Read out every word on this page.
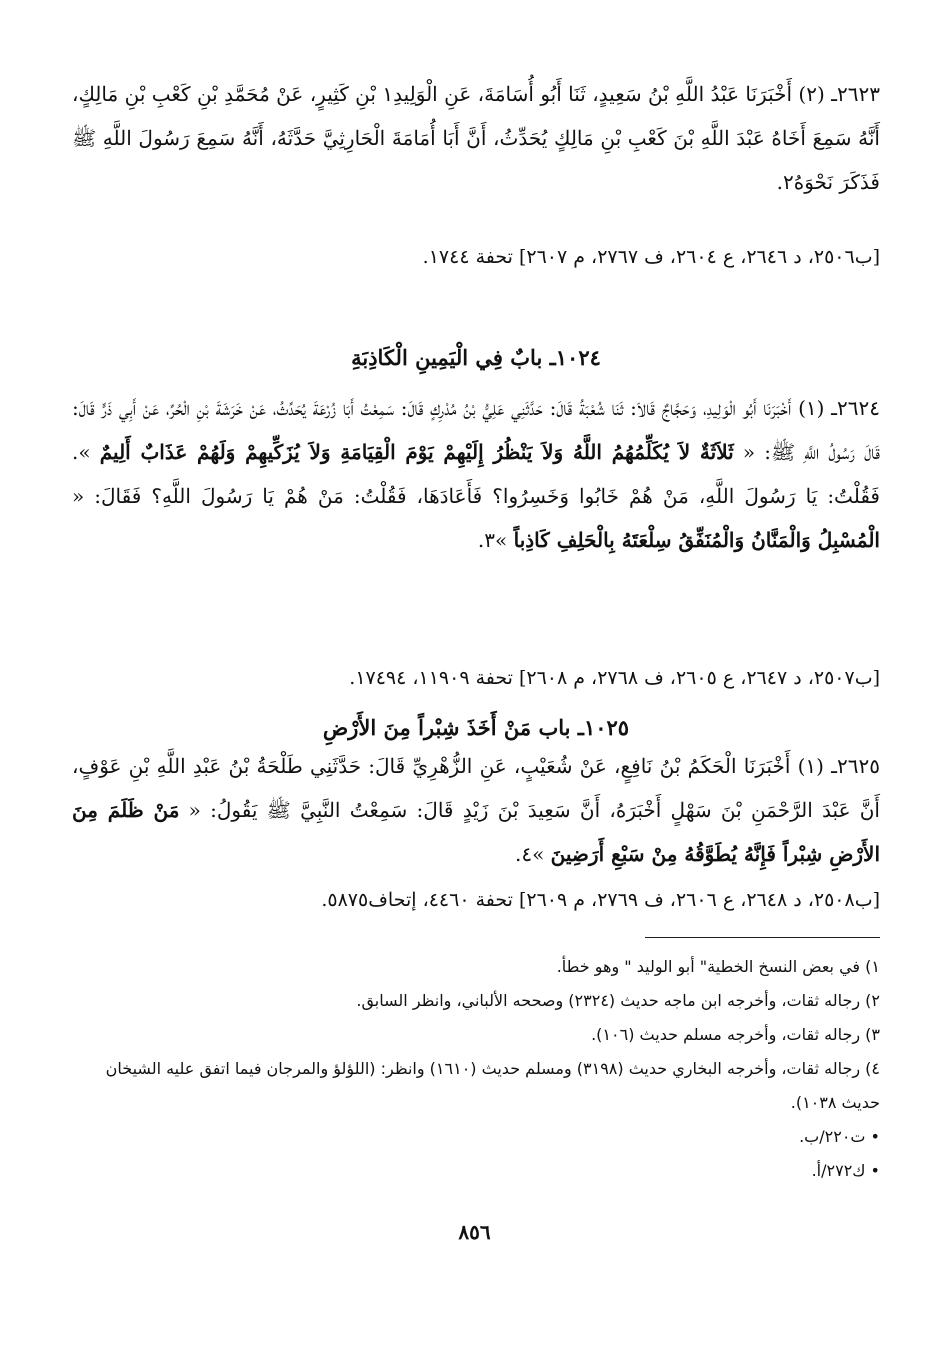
٢٦٢٣ـ (٢) أَخْبَرَنَا عَبْدُ اللَّهِ بْنُ سَعِيدٍ، ثَنَا أَبُو أُسَامَةَ، عَنِ الْوَلِيدِ١ بْنِ كَثِيرٍ، عَنْ مُحَمَّدِ بْنِ كَعْبِ بْنِ مَالِكٍ، أَنَّهُ سَمِعَ أَخَاهُ عَبْدَ اللَّهِ بْنَ كَعْبِ بْنِ مَالِكٍ يُحَدِّثُ، أَنَّ أَبَا أُمَامَةَ الْحَارِثِيَّ حَدَّثَهُ، أَنَّهُ سَمِعَ رَسُولَ اللَّهِ ﷺ فَذَكَرَ نَحْوَهُ٢.

[ب٢٥٠٦، د ٢٦٤٦، ع ٢٦٠٤، ف ٢٧٦٧، م ٢٦٠٧] تحفة ١٧٤٤.
١٠٢٤ـ بابٌ فِي الْيَمِينِ الْكَاذِبَةِ

٢٦٢٤ـ (١) أَخْبَرَنَا أَبُو الْوَلِيدِ، وَحَجَّاجٌ قَالاَ: ثَنَا شُعْبَةُ قَالَ: حَدَّثَنِي عَلِيُّ بْنُ مُدْرِكٍ قَالَ: سَمِعْتُ أَبَا زُرْعَةَ يُحَدِّثُ، عَنْ خَرَشَةَ بْنِ الْحُرِّ، عَنْ أَبِي ذَرٍّ قَالَ: قَالَ رَسُولُ اللَّهِ ﷺ: « ثَلاَثَةٌ لاَ يُكَلِّمُهُمُ اللَّهُ وَلاَ يَنْظُرُ إِلَيْهِمْ يَوْمَ الْقِيَامَةِ وَلاَ يُزَكِّيهِمْ وَلَهُمْ عَذَابٌ أَلِيمٌ ». فَقُلْتُ: يَا رَسُولَ اللَّهِ، مَنْ هُمْ خَابُوا وَخَسِرُوا؟ فَأَعَادَهَا، فَقُلْتُ: مَنْ هُمْ يَا رَسُولَ اللَّهِ؟ فَقَالَ: « الْمُسْبِلُ وَالْمَنَّانُ وَالْمُنَفِّقُ سِلْعَتَهُ بِالْحَلِفِ كَاذِباً »٣.

[ب٢٥٠٧، د ٢٦٤٧، ع ٢٦٠٥، ف ٢٧٦٨، م ٢٦٠٨] تحفة ١١٩٠٩، ١٧٤٩٤.
١٠٢٥ـ باب مَنْ أَخَذَ شِبْراً مِنَ الأَرْضِ

٢٦٢٥ـ (١) أَخْبَرَنَا الْحَكَمُ بْنُ نَافِعٍ، عَنْ شُعَيْبٍ، عَنِ الزُّهْرِيِّ قَالَ: حَدَّثَنِي طَلْحَةُ بْنُ عَبْدِ اللَّهِ بْنِ عَوْفٍ، أَنَّ عَبْدَ الرَّحْمَنِ بْنَ سَهْلٍ أَخْبَرَهُ، أَنَّ سَعِيدَ بْنَ زَيْدٍ قَالَ: سَمِعْتُ النَّبِيَّ ﷺ يَقُولُ: « مَنْ ظَلَمَ مِنَ الأَرْضِ شِبْراً فَإِنَّهُ يُطَوَّقُهُ مِنْ سَبْعِ أَرَضِينَ »٤.

[ب٢٥٠٨، د ٢٦٤٨، ع ٢٦٠٦، ف ٢٧٦٩، م ٢٦٠٩] تحفة ٤٤٦٠، إتحاف٥٨٧٥.

١) في بعض النسخ الخطية" أبو الوليد " وهو خطأ.

٢) رجاله ثقات، وأخرجه ابن ماجه حديث (٢٣٢٤) وصححه الألباني، وانظر السابق.

٣) رجاله ثقات، وأخرجه مسلم حديث (١٠٦).

٤) رجاله ثقات، وأخرجه البخاري حديث (٣١٩٨) ومسلم حديث (١٦١٠) وانظر: (اللؤلؤ والمرجان فيما اتفق عليه الشيخان حديث ١٠٣٨).

• ت٢٢٠/ب.

• ك٢٧٢/أ.

٨٥٦
